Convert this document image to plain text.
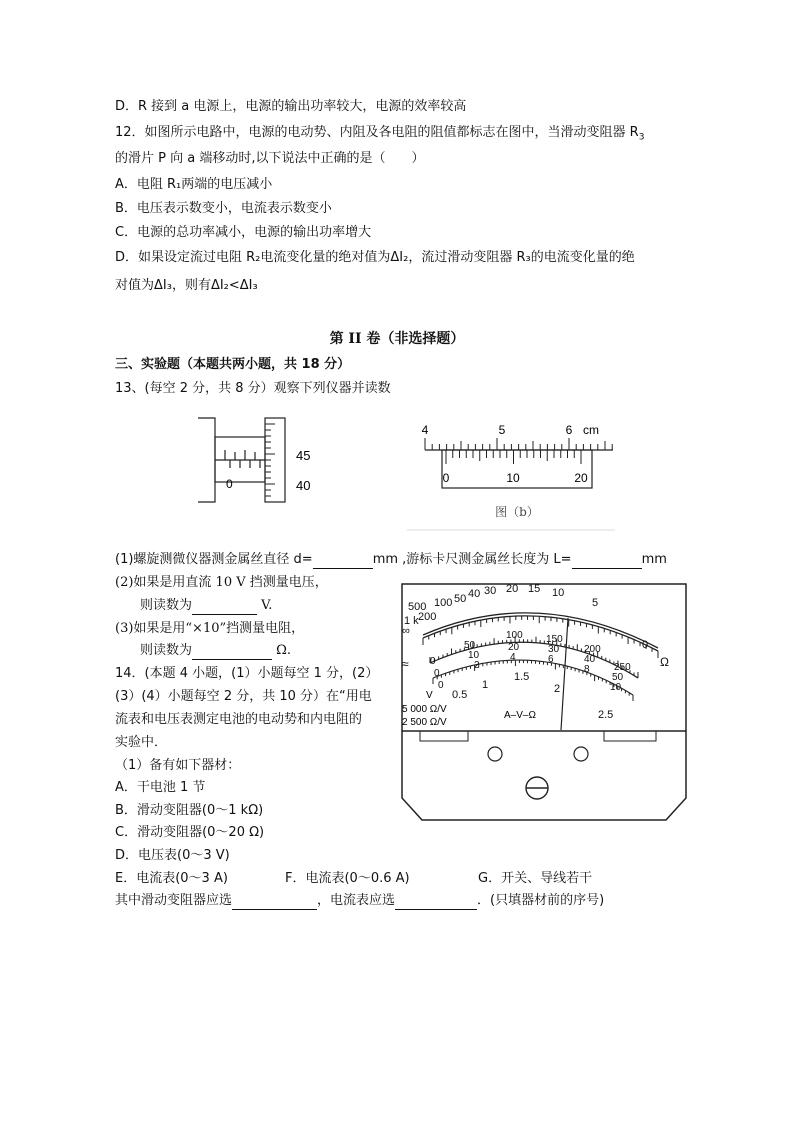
D．R 接到 a 电源上，电源的输出功率较大，电源的效率较高
12．如图所示电路中，电源的电动势、内阻及各电阻的阻值都标志在图中，当滑动变阻器 $R_3$
的滑片 P 向 a 端移动时,以下说法中正确的是（　　）
A．电阻 R₁两端的电压减小
B．电压表示数变小，电流表示数变小
C．电源的总功率减小，电源的输出功率增大
D．如果设定流过电阻 R₂电流变化量的绝对值为ΔI₂，流过滑动变阻器 R₃的电流变化量的绝
对值为ΔI₃，则有ΔI₂<ΔI₃
第 II 卷（非选择题）
三、实验题（本题共两小题，共 18 分）
13、(每空 2 分，共 8 分）观察下列仪器并读数
0
45
40
4	5	6 cm
0	10	20
图（b）
(1)螺旋测微仪器测金属丝直径 d=	mm ,游标卡尺测金属丝长度为 L=	mm
(2)如果是用直流 10 V 挡测量电压，
则读数为	V.
(3)如果是用“×10”挡测量电阻，
则读数为	Ω.
500 100 50 40 30 20 15 10
5
0
1 k 200
∞
Ω
100
50
150
200
250
10
20	30
40
50
2
4	6
8
10
0
0
0
0.5
1
1.5
2
2.5
≈
V
5 000 Ω/V
2 500 Ω/V
A–V–Ω
14．(本题 4 小题，(1）小题每空 1 分，(2）
(3）(4）小题每空 2 分，共 10 分）在“用电
流表和电压表测定电池的电动势和内电阻的
实验中．
（1）备有如下器材：
A．干电池 1 节
B．滑动变阻器(0～1 kΩ)
C．滑动变阻器(0～20 Ω)
D．电压表(0～3 V)
E．电流表(0～3 A)	F．电流表(0～0.6 A)	G．开关、导线若干
其中滑动变阻器应选	，电流表应选	．(只填器材前的序号)
